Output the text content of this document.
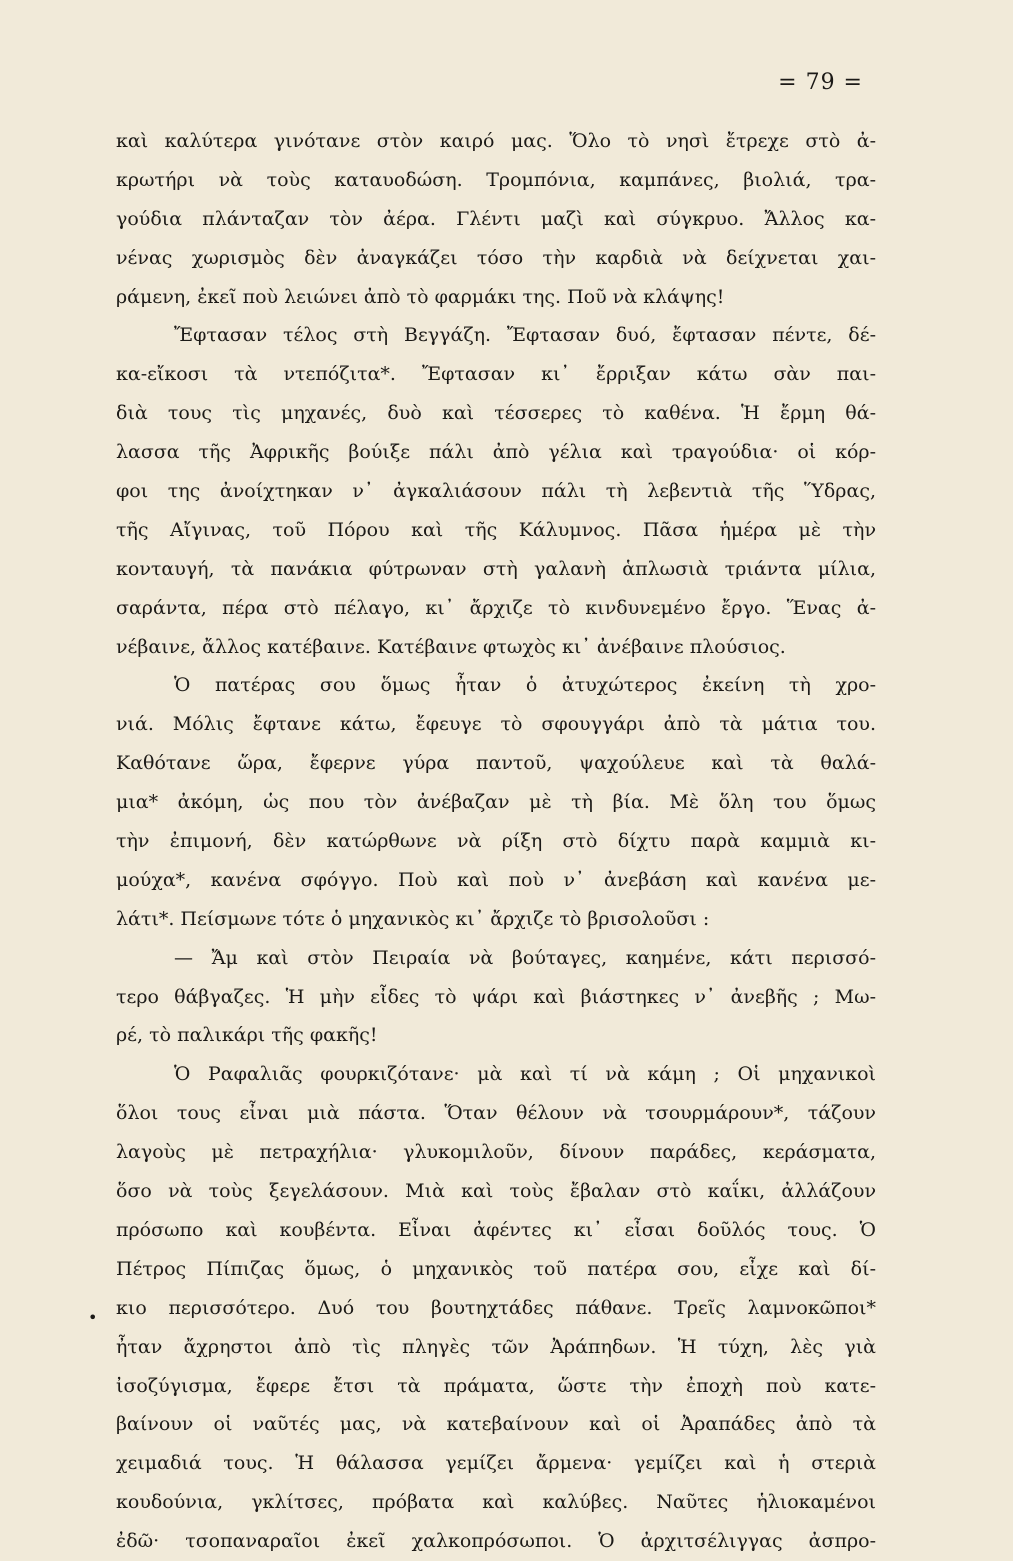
= 79 =
•
καὶ καλύτερα γινότανε στὸν καιρό μας. Ὅλο τὸ νησὶ ἔτρεχε στὸ ἀ-
κρωτήρι νὰ τοὺς καταυοδώση. Τρομπόνια, καμπάνες, βιολιά, τρα-
γούδια πλάνταζαν τὸν ἀέρα. Γλέντι μαζὶ καὶ σύγκρυο. Ἄλλος κα-
νένας χωρισμὸς δὲν ἀναγκάζει τόσο τὴν καρδιὰ νὰ δείχνεται χαι-
ράμενη, ἐκεῖ ποὺ λειώνει ἀπὸ τὸ φαρμάκι της. Ποῦ νὰ κλάψης!
Ἔφτασαν τέλος στὴ Βεγγάζη. Ἔφτασαν δυό, ἔφτασαν πέντε, δέ-
κα-εἴκοσι τὰ ντεπόζιτα*. Ἔφτασαν κι᾿ ἔρριξαν κάτω σὰν παι-
διὰ τους τὶς μηχανές, δυὸ καὶ τέσσερες τὸ καθένα. Ἡ ἔρμη θά-
λασσα τῆς Ἀφρικῆς βούιξε πάλι ἀπὸ γέλια καὶ τραγούδια· οἱ κόρ-
φοι της ἀνοίχτηκαν ν᾿ ἀγκαλιάσουν πάλι τὴ λεβεντιὰ τῆς Ὕδρας,
τῆς Αἴγινας, τοῦ Πόρου καὶ τῆς Κάλυμνος. Πᾶσα ἡμέρα μὲ τὴν
κονταυγή, τὰ πανάκια φύτρωναν στὴ γαλανὴ ἁπλωσιὰ τριάντα μίλια,
σαράντα, πέρα στὸ πέλαγο, κι᾿ ἄρχιζε τὸ κινδυνεμένο ἔργο. Ἕνας ἀ-
νέβαινε, ἄλλος κατέβαινε. Κατέβαινε φτωχὸς κι᾿ ἀνέβαινε πλούσιος.
Ὁ πατέρας σου ὅμως ἦταν ὁ ἀτυχώτερος ἐκείνη τὴ χρο-
νιά. Μόλις ἔφτανε κάτω, ἔφευγε τὸ σφουγγάρι ἀπὸ τὰ μάτια του.
Καθότανε ὥρα, ἔφερνε γύρα παντοῦ, ψαχούλευε καὶ τὰ θαλά-
μια* ἀκόμη, ὡς που τὸν ἀνέβαζαν μὲ τὴ βία. Μὲ ὅλη του ὅμως
τὴν ἐπιμονή, δὲν κατώρθωνε νὰ ρίξη στὸ δίχτυ παρὰ καμμιὰ κι-
μούχα*, κανένα σφόγγο. Ποὺ καὶ ποὺ ν᾿ ἀνεβάση καὶ κανένα με-
λάτι*. Πείσμωνε τότε ὁ μηχανικὸς κι᾿ ἄρχιζε τὸ βρισολοῦσι :
— Ἄμ καὶ στὸν Πειραία νὰ βούταγες, καημένε, κάτι περισσό-
τερο θάβγαζες. Ἡ μὴν εἶδες τὸ ψάρι καὶ βιάστηκες ν᾿ ἀνεβῆς ; Μω-
ρέ, τὸ παλικάρι τῆς φακῆς!
Ὁ Ραφαλιᾶς φουρκιζότανε· μὰ καὶ τί νὰ κάμη ; Οἱ μηχανικοὶ
ὅλοι τους εἶναι μιὰ πάστα. Ὅταν θέλουν νὰ τσουρμάρουν*, τάζουν
λαγοὺς μὲ πετραχήλια· γλυκομιλοῦν, δίνουν παράδες, κεράσματα,
ὅσο νὰ τοὺς ξεγελάσουν. Μιὰ καὶ τοὺς ἔβαλαν στὸ καΐκι, ἀλλάζουν
πρόσωπο καὶ κουβέντα. Εἶναι ἀφέντες κι᾿ εἶσαι δοῦλός τους. Ὁ
Πέτρος Πίπιζας ὅμως, ὁ μηχανικὸς τοῦ πατέρα σου, εἶχε καὶ δί-
κιο περισσότερο. Δυό του βουτηχτάδες πάθανε. Τρεῖς λαμνοκῶποι*
ἦταν ἄχρηστοι ἀπὸ τὶς πληγὲς τῶν Ἀράπηδων. Ἡ τύχη, λὲς γιὰ
ἰσοζύγισμα, ἔφερε ἔτσι τὰ πράματα, ὥστε τὴν ἐποχὴ ποὺ κατε-
βαίνουν οἱ ναῦτές μας, νὰ κατεβαίνουν καὶ οἱ Ἀραπάδες ἀπὸ τὰ
χειμαδιά τους. Ἡ θάλασσα γεμίζει ἄρμενα· γεμίζει καὶ ἡ στεριὰ
κουδούνια, γκλίτσες, πρόβατα καὶ καλύβες. Ναῦτες ἡλιοκαμένοι
ἐδῶ· τσοπαναραῖοι ἐκεῖ χαλκοπρόσωποι. Ὁ ἀρχιτσέλιγγας ἀσπρο-
